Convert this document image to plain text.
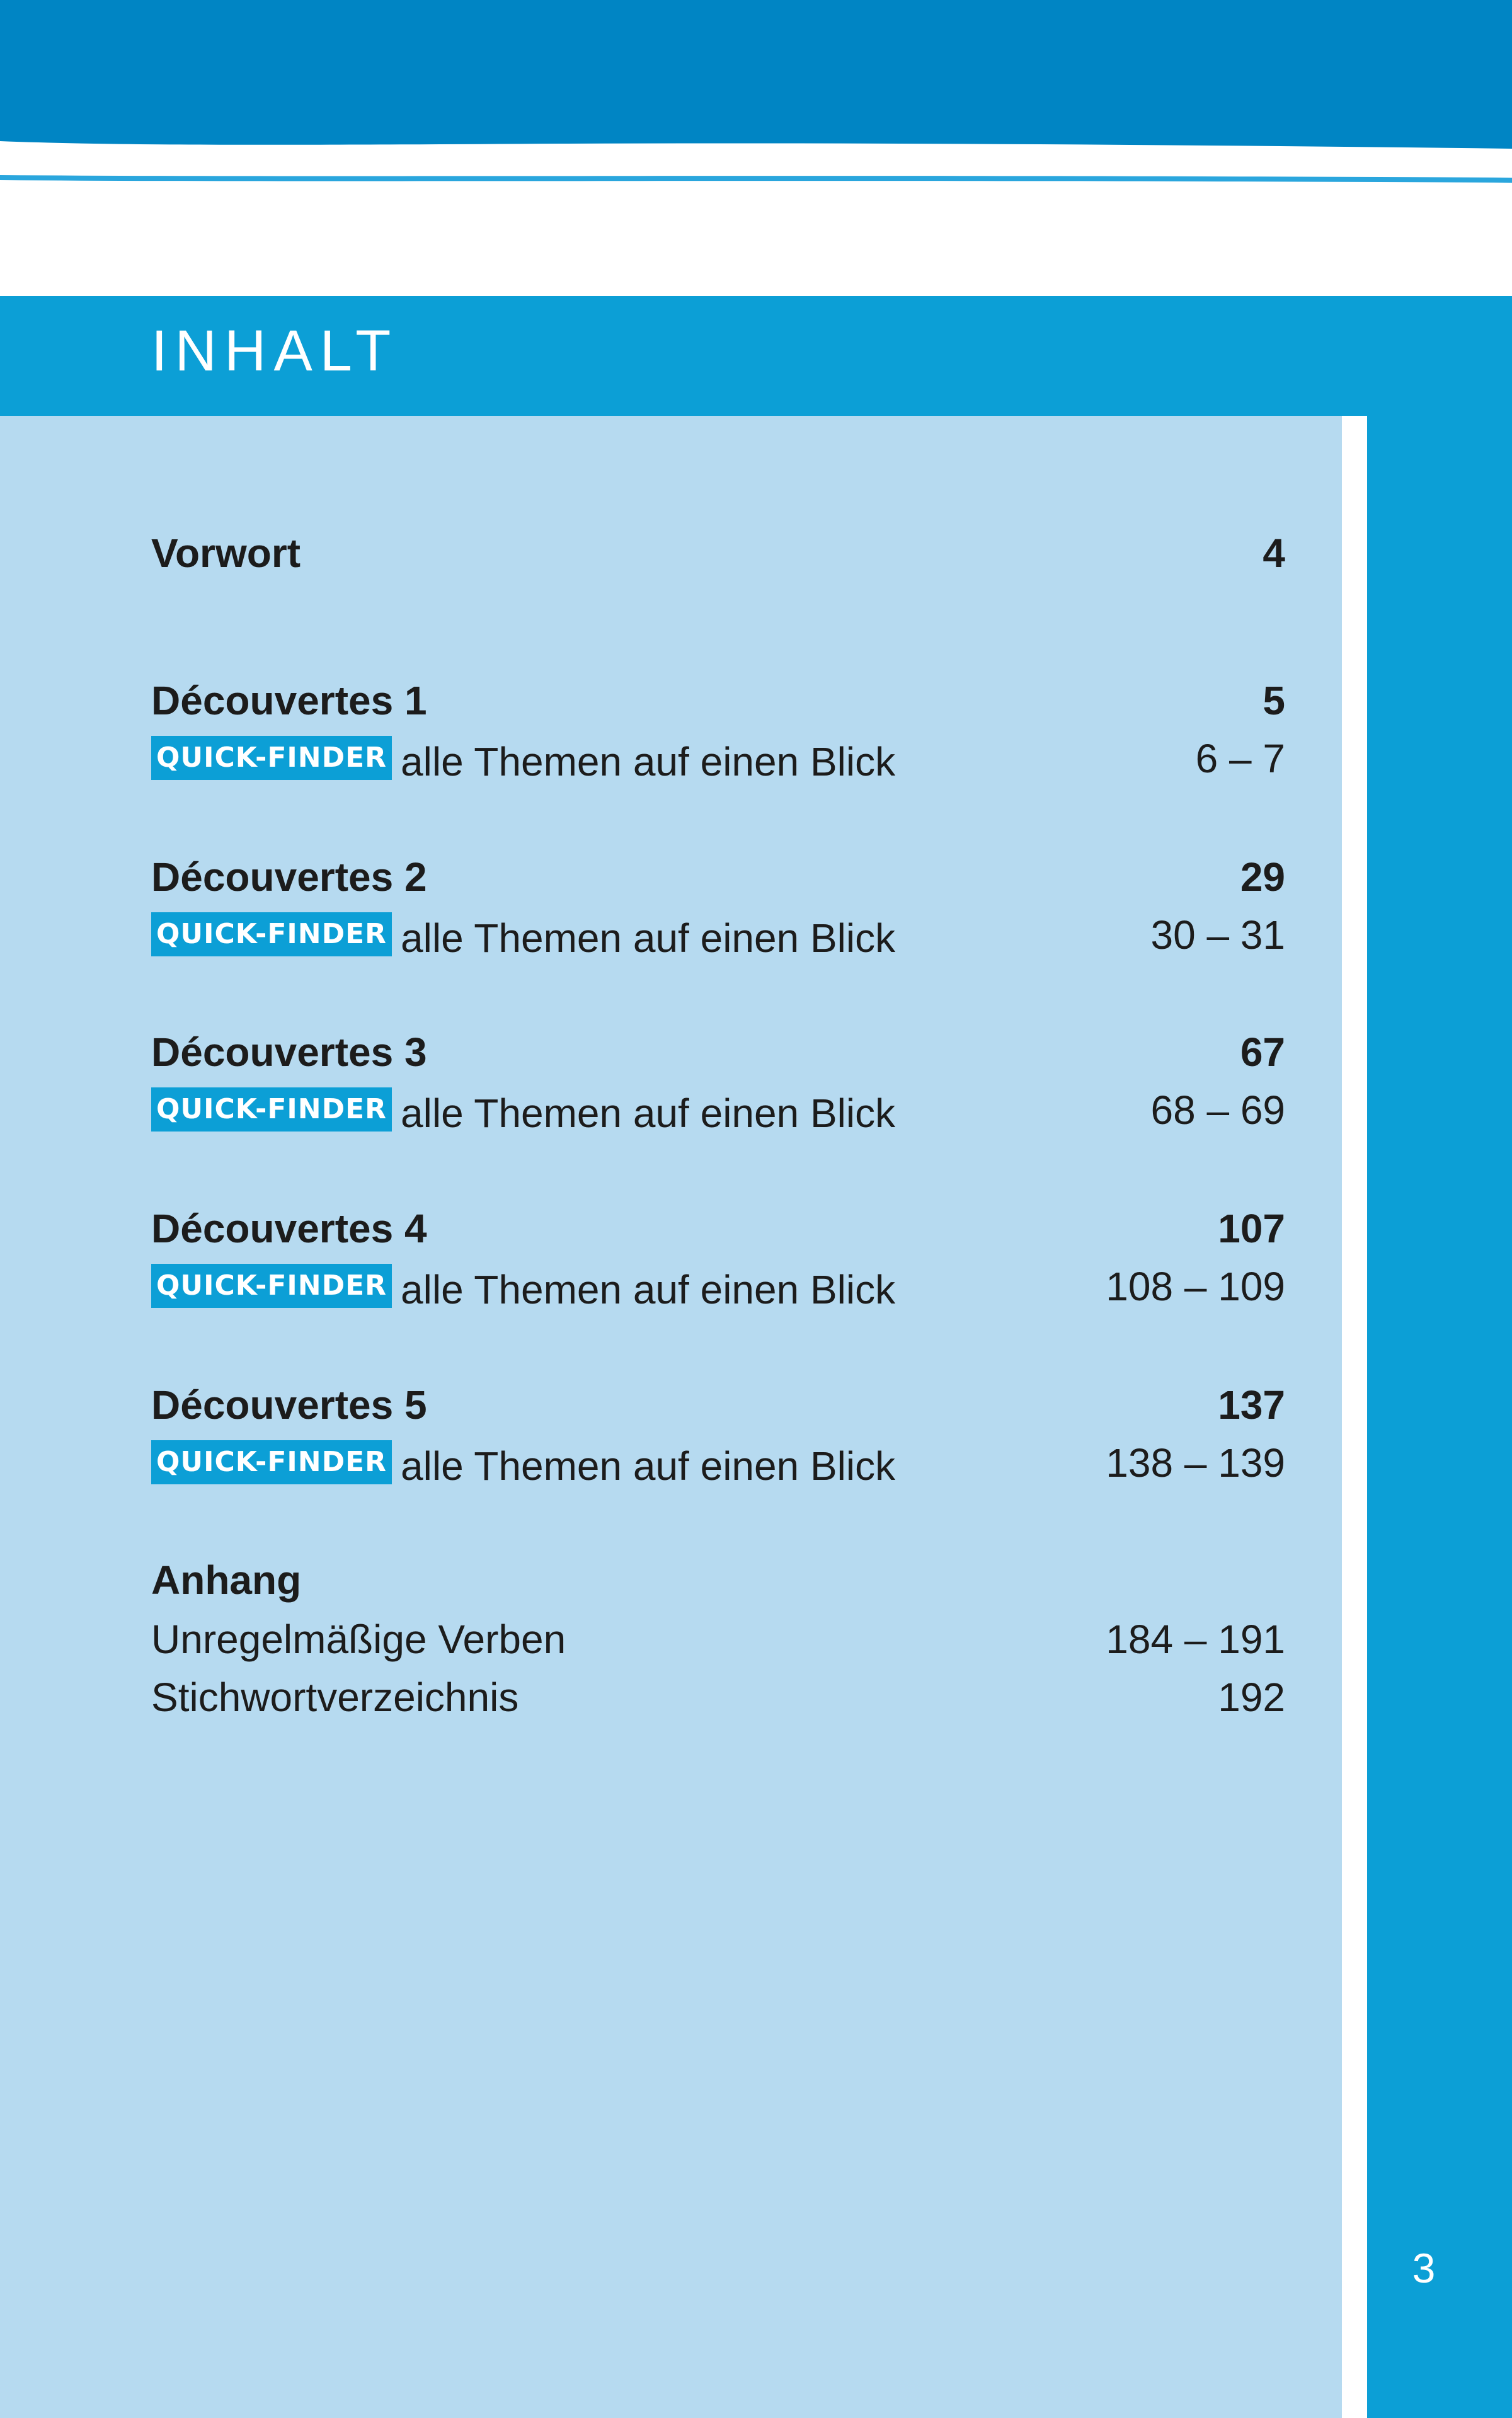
INHALT
3
Vorwort	4
Découvertes 1	5
QUICK-FINDER alle Themen auf einen Blick	6 – 7
Découvertes 2	29
QUICK-FINDER alle Themen auf einen Blick	30 – 31
Découvertes 3	67
QUICK-FINDER alle Themen auf einen Blick	68 – 69
Découvertes 4	107
QUICK-FINDER alle Themen auf einen Blick	108 – 109
Découvertes 5	137
QUICK-FINDER alle Themen auf einen Blick	138 – 139
Anhang
Unregelmäßige Verben	184 – 191
Stichwortverzeichnis	192
